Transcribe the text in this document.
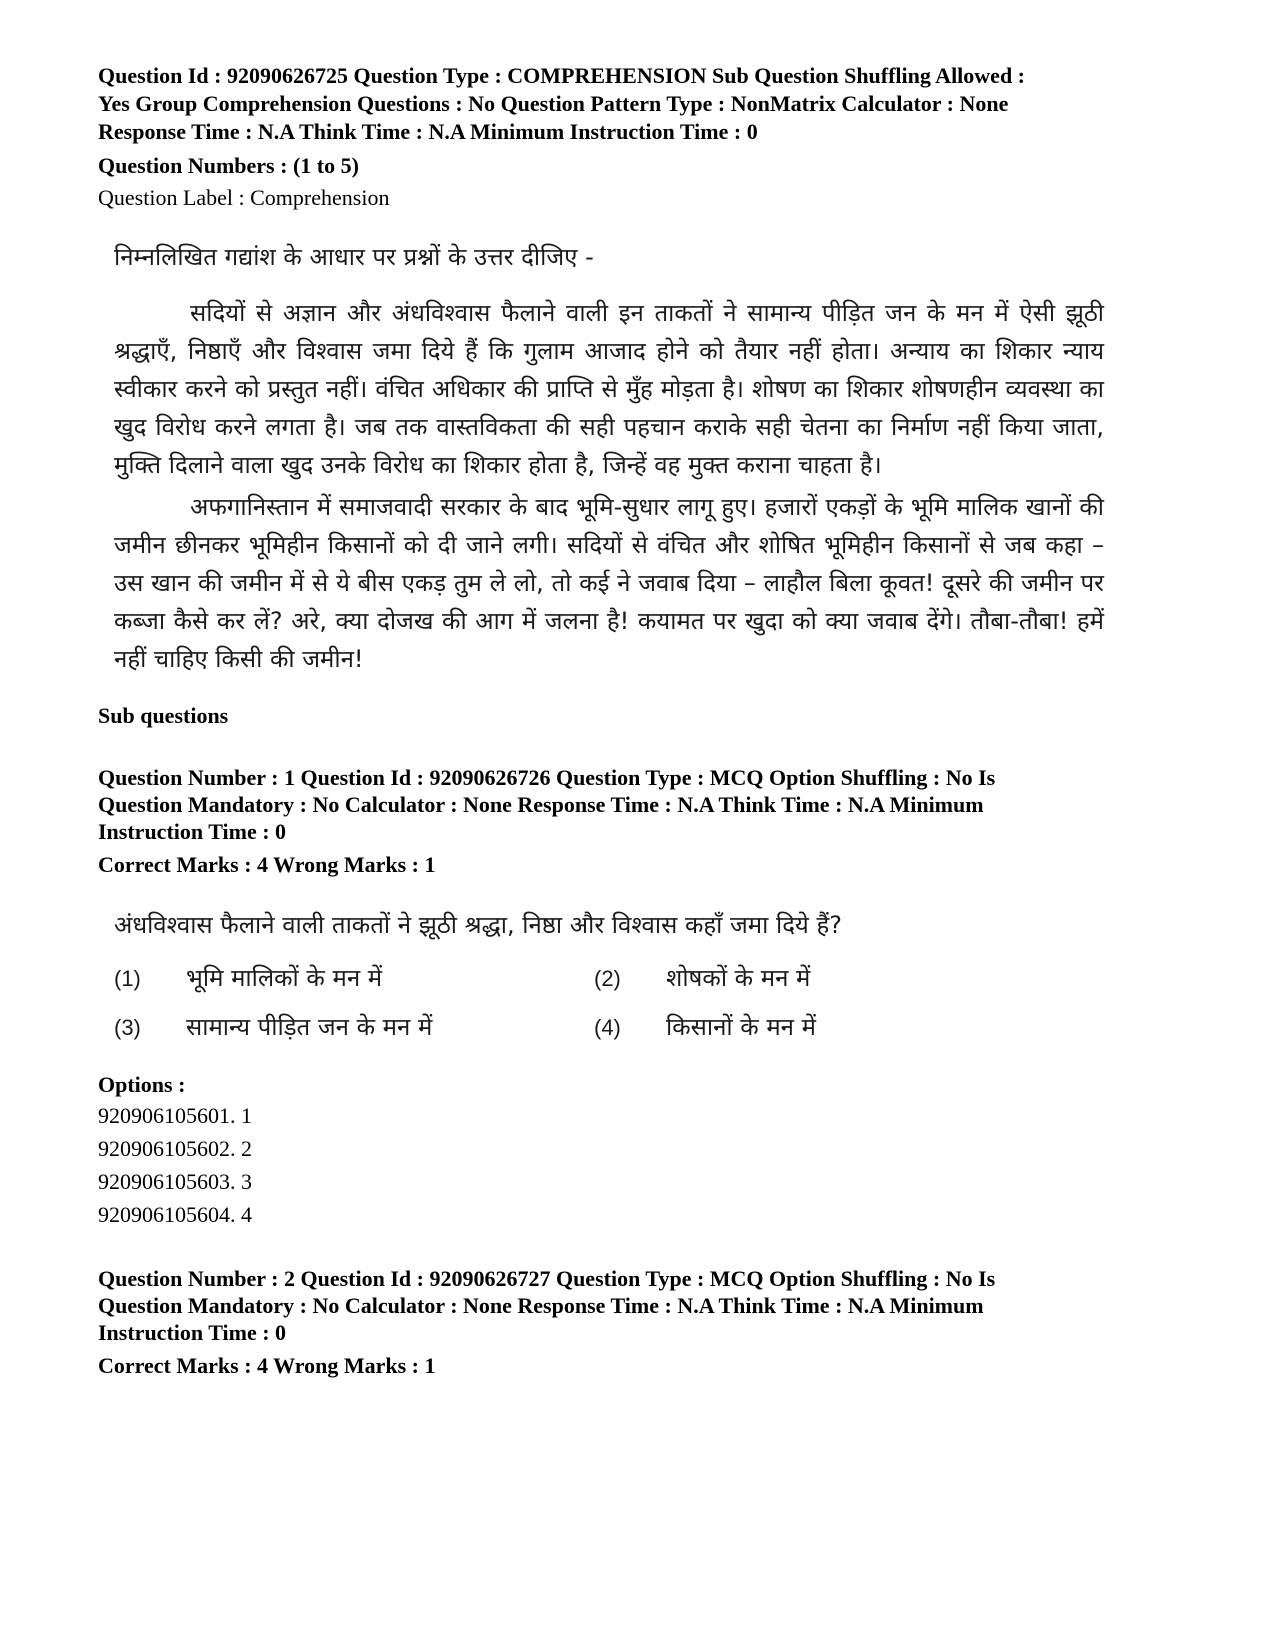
Question Id : 92090626725 Question Type : COMPREHENSION Sub Question Shuffling Allowed :
Yes Group Comprehension Questions : No Question Pattern Type : NonMatrix Calculator : None
Response Time : N.A Think Time : N.A Minimum Instruction Time : 0
Question Numbers : (1 to 5)
Question Label : Comprehension
निम्नलिखित गद्यांश के आधार पर प्रश्नों के उत्तर दीजिए -

सदियों से अज्ञान और अंधविश्वास फैलाने वाली इन ताकतों ने सामान्य पीड़ित जन के मन में ऐसी झूठी श्रद्धाएँ, निष्ठाएँ और विश्वास जमा दिये हैं कि गुलाम आजाद होने को तैयार नहीं होता। अन्याय का शिकार न्याय स्वीकार करने को प्रस्तुत नहीं। वंचित अधिकार की प्राप्ति से मुँह मोड़ता है। शोषण का शिकार शोषणहीन व्यवस्था का खुद विरोध करने लगता है। जब तक वास्तविकता की सही पहचान कराके सही चेतना का निर्माण नहीं किया जाता, मुक्ति दिलाने वाला खुद उनके विरोध का शिकार होता है, जिन्हें वह मुक्त कराना चाहता है।

अफगानिस्तान में समाजवादी सरकार के बाद भूमि-सुधार लागू हुए। हजारों एकड़ों के भूमि मालिक खानों की जमीन छीनकर भूमिहीन किसानों को दी जाने लगी। सदियों से वंचित और शोषित भूमिहीन किसानों से जब कहा – उस खान की जमीन में से ये बीस एकड़ तुम ले लो, तो कई ने जवाब दिया – लाहौल बिला कूवत! दूसरे की जमीन पर कब्जा कैसे कर लें? अरे, क्या दोजख की आग में जलना है! कयामत पर खुदा को क्या जवाब देंगे। तौबा-तौबा! हमें नहीं चाहिए किसी की जमीन!

Sub questions
Question Number : 1 Question Id : 92090626726 Question Type : MCQ Option Shuffling : No Is
Question Mandatory : No Calculator : None Response Time : N.A Think Time : N.A Minimum
Instruction Time : 0
Correct Marks : 4 Wrong Marks : 1
अंधविश्वास फैलाने वाली ताकतों ने झूठी श्रद्धा, निष्ठा और विश्वास कहाँ जमा दिये हैं?
(1)	भूमि मालिकों के मन में	(2)	शोषकों के मन में
(3)	सामान्य पीड़ित जन के मन में	(4)	किसानों के मन में
Options :
920906105601. 1
920906105602. 2
920906105603. 3
920906105604. 4
Question Number : 2 Question Id : 92090626727 Question Type : MCQ Option Shuffling : No Is
Question Mandatory : No Calculator : None Response Time : N.A Think Time : N.A Minimum
Instruction Time : 0
Correct Marks : 4 Wrong Marks : 1
